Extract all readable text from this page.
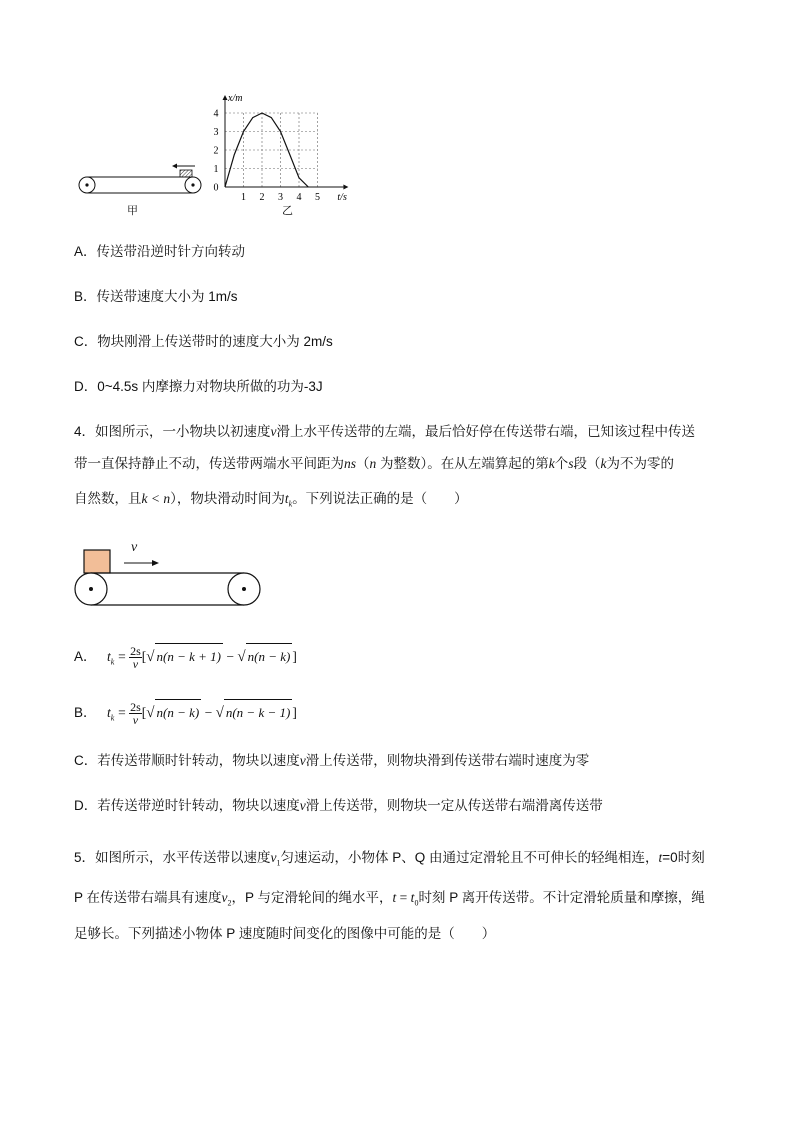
甲
0
1
2
3
4
1 2 3 4 5
x/m
t/s
乙
A．传送带沿逆时针方向转动
B．传送带速度大小为 1m/s
C．物块刚滑上传送带时的速度大小为 2m/s
D．0~4.5s 内摩擦力对物块所做的功为-3J
4．如图所示，一小物块以初速度v滑上水平传送带的左端，最后恰好停在传送带右端，已知该过程中传送
带一直保持静止不动，传送带两端水平间距为ns（n 为整数）。在从左端算起的第k个s段（k为不为零的
自然数，且k < n），物块滑动时间为$t_k$。下列说法正确的是（　　）
v
A． $t_k = \frac{2s}{v}$ [√ n(n − k + 1) − √ n(n − k) ]
B． $t_k = \frac{2s}{v}$ [√ n(n − k) − √ n(n − k − 1) ]
C．若传送带顺时针转动，物块以速度v滑上传送带，则物块滑到传送带右端时速度为零
D．若传送带逆时针转动，物块以速度v滑上传送带，则物块一定从传送带右端滑离传送带
5．如图所示，水平传送带以速度$v_1$匀速运动，小物体 P、Q 由通过定滑轮且不可伸长的轻绳相连，t=0时刻
P 在传送带右端具有速度$v_2$，P 与定滑轮间的绳水平，$t = t_0$时刻 P 离开传送带。不计定滑轮质量和摩擦，绳
足够长。下列描述小物体 P 速度随时间变化的图像中可能的是（　　）
